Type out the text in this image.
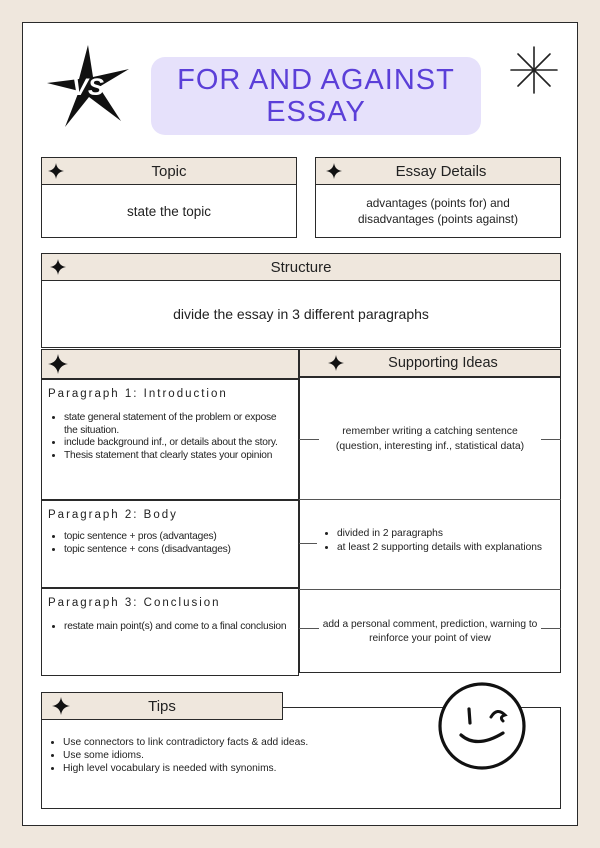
VS	FOR AND AGAINST
ESSAY
Topic
state the topic
Essay Details
advantages (points for) and disadvantages (points against)
Structure
divide the essay in 3 different paragraphs
Supporting Ideas
Paragraph 1: Introduction
• state general statement of the problem or expose the situation.
• include background inf., or details about the story.
• Thesis statement that clearly states your opinion
Paragraph 2: Body
• topic sentence + pros (advantages)
• topic sentence + cons (disadvantages)
Paragraph 3: Conclusion
• restate main point(s) and come to a final conclusion
remember writing a catching sentence (question, interesting inf., statistical data)
• divided in 2 paragraphs
• at least 2 supporting details with explanations
add a personal comment, prediction, warning to reinforce your point of view
Tips
• Use connectors to link contradictory facts & add ideas.
• Use some idioms.
• High level vocabulary is needed with synonims.
